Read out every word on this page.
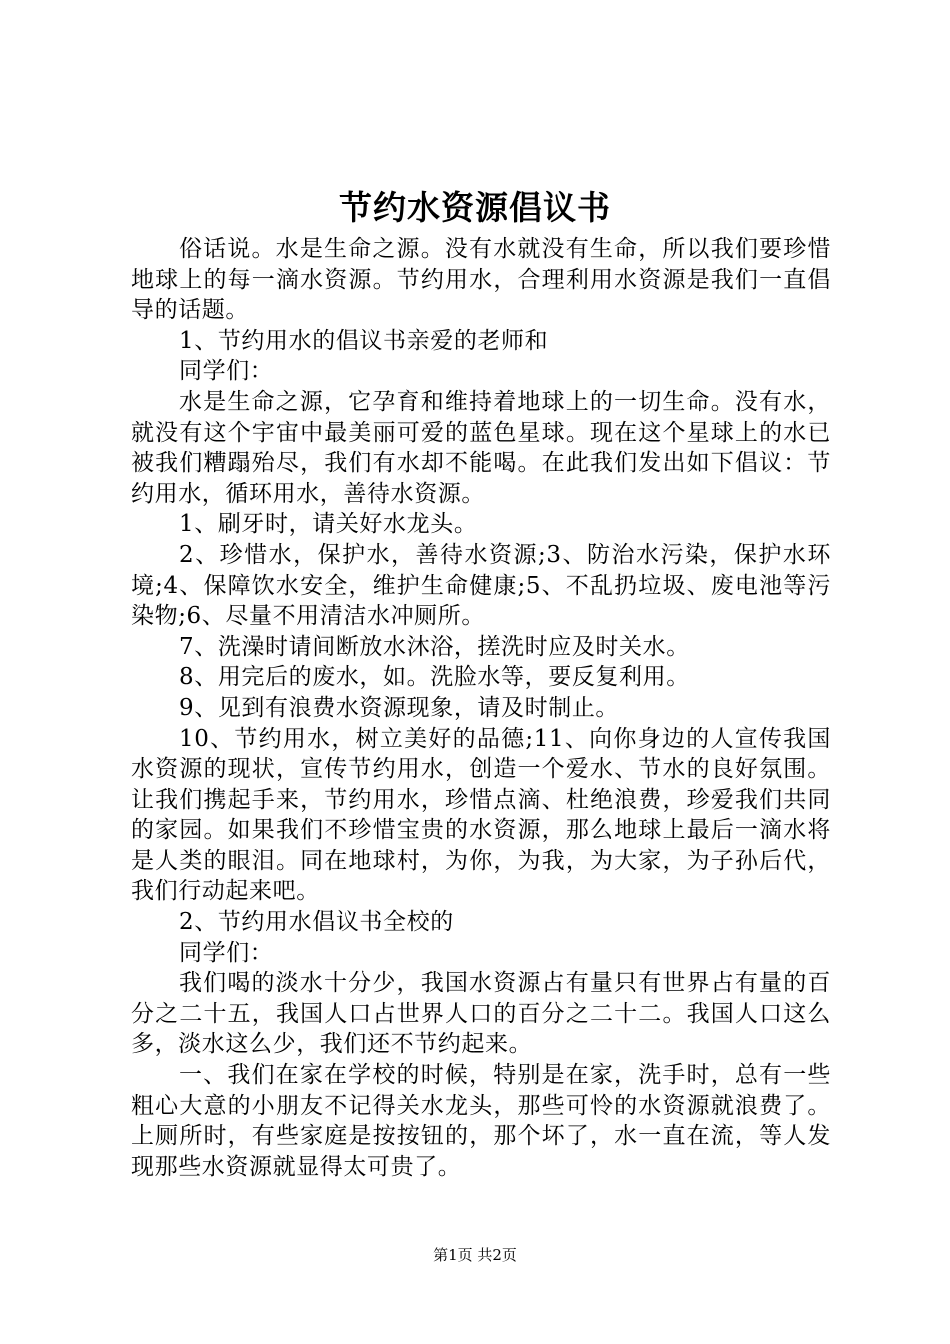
节约水资源倡议书

俗话说。水是生命之源。没有水就没有生命，所以我们要珍惜地球上的每一滴水资源。节约用水，合理利用水资源是我们一直倡导的话题。

1、节约用水的倡议书亲爱的老师和

同学们：

水是生命之源，它孕育和维持着地球上的一切生命。没有水，就没有这个宇宙中最美丽可爱的蓝色星球。现在这个星球上的水已被我们糟蹋殆尽，我们有水却不能喝。在此我们发出如下倡议：节约用水，循环用水，善待水资源。

1、刷牙时，请关好水龙头。

2、珍惜水，保护水，善待水资源;3、防治水污染，保护水环境;4、保障饮水安全，维护生命健康;5、不乱扔垃圾、废电池等污染物;6、尽量不用清洁水冲厕所。

7、洗澡时请间断放水沐浴，搓洗时应及时关水。

8、用完后的废水，如。洗脸水等，要反复利用。

9、见到有浪费水资源现象，请及时制止。

10、节约用水，树立美好的品德;11、向你身边的人宣传我国水资源的现状，宣传节约用水，创造一个爱水、节水的良好氛围。让我们携起手来，节约用水，珍惜点滴、杜绝浪费，珍爱我们共同的家园。如果我们不珍惜宝贵的水资源，那么地球上最后一滴水将是人类的眼泪。同在地球村，为你，为我，为大家，为子孙后代，我们行动起来吧。

2、节约用水倡议书全校的

同学们：

我们喝的淡水十分少，我国水资源占有量只有世界占有量的百分之二十五，我国人口占世界人口的百分之二十二。我国人口这么多，淡水这么少，我们还不节约起来。

一、我们在家在学校的时候，特别是在家，洗手时，总有一些粗心大意的小朋友不记得关水龙头，那些可怜的水资源就浪费了。上厕所时，有些家庭是按按钮的，那个坏了，水一直在流，等人发现那些水资源就显得太可贵了。

第1页 共2页
